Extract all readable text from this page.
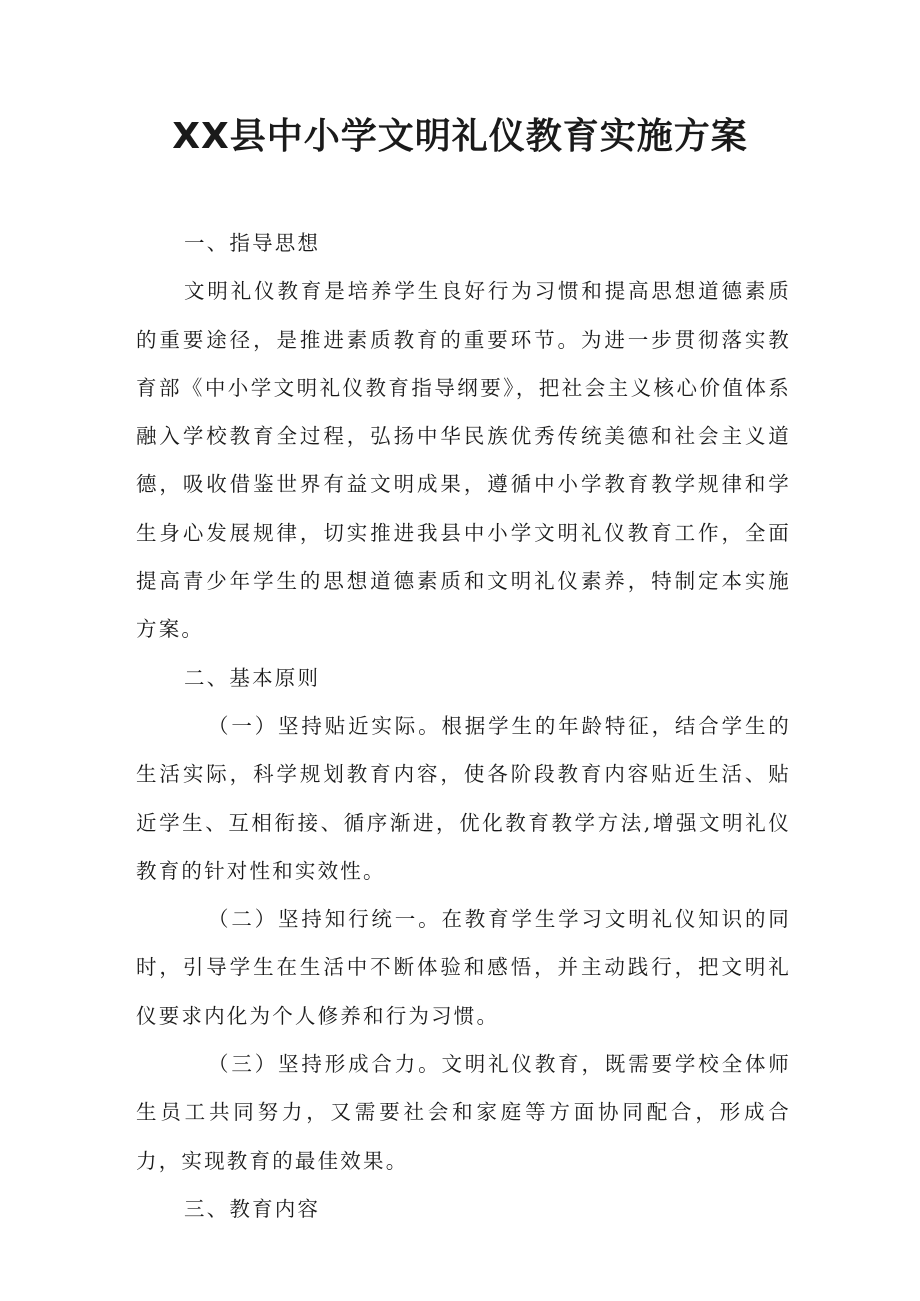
XX县中小学文明礼仪教育实施方案

一、指导思想

文明礼仪教育是培养学生良好行为习惯和提高思想道德素质的重要途径，是推进素质教育的重要环节。为进一步贯彻落实教育部《中小学文明礼仪教育指导纲要》，把社会主义核心价值体系融入学校教育全过程，弘扬中华民族优秀传统美德和社会主义道德，吸收借鉴世界有益文明成果，遵循中小学教育教学规律和学生身心发展规律，切实推进我县中小学文明礼仪教育工作，全面提高青少年学生的思想道德素质和文明礼仪素养，特制定本实施方案。

二、基本原则

（一）坚持贴近实际。根据学生的年龄特征，结合学生的生活实际，科学规划教育内容，使各阶段教育内容贴近生活、贴近学生、互相衔接、循序渐进，优化教育教学方法,增强文明礼仪教育的针对性和实效性。

（二）坚持知行统一。在教育学生学习文明礼仪知识的同时，引导学生在生活中不断体验和感悟，并主动践行，把文明礼仪要求内化为个人修养和行为习惯。

（三）坚持形成合力。文明礼仪教育，既需要学校全体师生员工共同努力，又需要社会和家庭等方面协同配合，形成合力，实现教育的最佳效果。

三、教育内容
